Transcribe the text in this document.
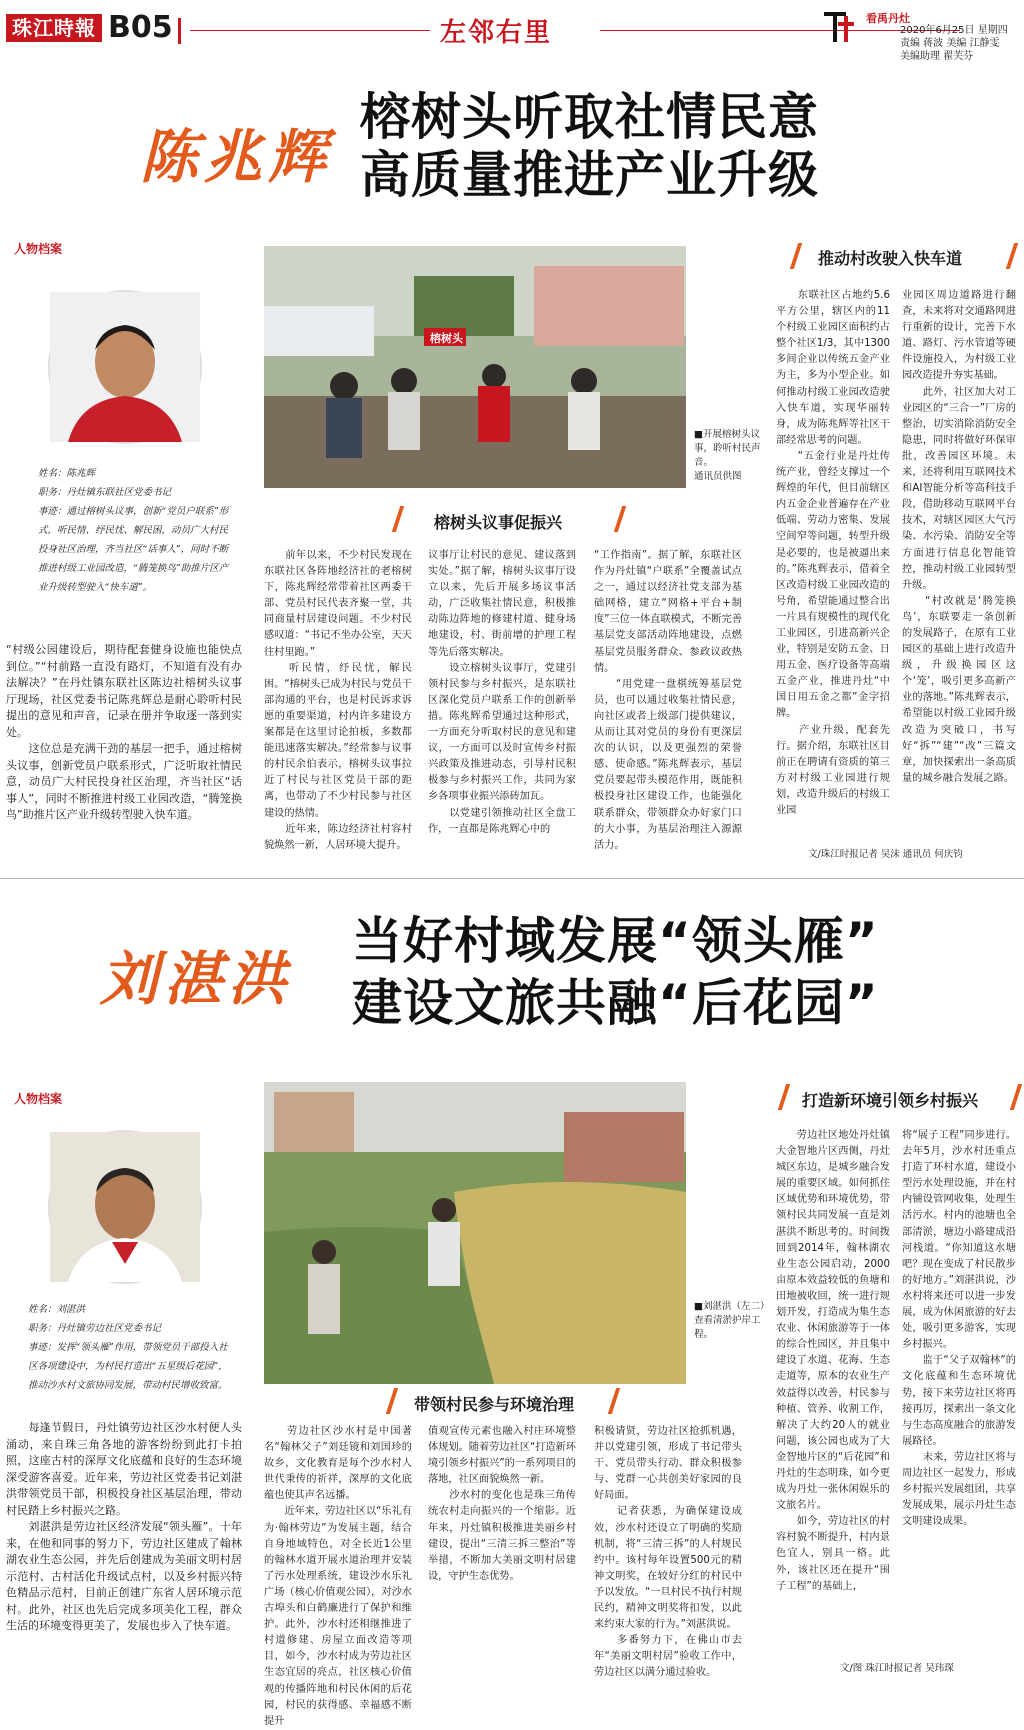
珠江時報 B05	左邻右里	看禹丹灶
2020年6月25日 星期四
责编 蒋波 美编 江静雯
美编助理 翟芙芬
陈兆辉
榕树头听取社情民意
高质量推进产业升级
人物档案
姓名：陈兆辉
职务：丹灶镇东联社区党委书记
事迹：通过榕树头议事，创新“党员户联系”形式，听民情、纾民忧、解民困，动员广大村民投身社区治理，齐当社区“话事人”，同时不断推进村级工业园改造，“腾笼换鸟”助推片区产业升级转型驶入“快车道”。
榕树头
■开展榕树头议事，聆听村民声音。
通讯员供图
推动村改驶入快车道
榕树头议事促振兴
“村级公园建设后，期待配套健身设施也能快点到位。”“村前路一直没有路灯，不知道有没有办法解决？”在丹灶镇东联社区陈边社榕树头议事厅现场，社区党委书记陈兆辉总是耐心聆听村民提出的意见和声音，记录在册并争取逐一落到实处。
　　这位总是充满干劲的基层一把手，通过榕树头议事，创新党员户联系形式，广泛听取社情民意，动员广大村民投身社区治理，齐当社区“话事人”，同时不断推进村级工业园改造，“腾笼换鸟”助推片区产业升级转型驶入快车道。
　　前年以来，不少村民发现在东联社区各阵地经济社的老榕树下，陈兆辉经常带着社区两委干部、党员村民代表齐聚一堂，共同商量村居建设问题。不少村民感叹道：“书记不坐办公室，天天往村里跑。”
　　听民情，纾民忧，解民困。“榕树头已成为村民与党员干部沟通的平台，也是村民诉求诉愿的重要渠道，村内许多建设方案都是在这里讨论拍板，多数都能迅速落实解决。”经常参与议事的村民余伯表示，榕树头议事拉近了村民与社区党员干部的距离，也带动了不少村民参与社区建设的热情。
　　近年来，陈边经济社村容村貌焕然一新，人居环境大提升。
议事厅让村民的意见、建议落到实处。”据了解，榕树头议事厅设立以来，先后开展多场议事活动，广泛收集社情民意，积极推动陈边阵地的修建村道、健身场地建设，村、街前增的护理工程等先后落实解决。
　　设立榕树头议事厅，党建引领村民参与乡村振兴，是东联社区深化党员户联系工作的创新举措。陈兆辉希望通过这种形式，一方面充分听取村民的意见和建议，一方面可以及时宣传乡村振兴政策及推进动态，引导村民积极参与乡村振兴工作，共同为家乡各项事业振兴添砖加瓦。
　　以党建引领推动社区全盘工作，一直都是陈兆辉心中的
“工作指南”。据了解，东联社区作为丹灶镇“户联系”全覆盖试点之一，通过以经济社党支部为基础网格，建立“网格+平台+制度”三位一体直联模式，不断完善基层党支部活动阵地建设，点燃基层党员服务群众、参政议政热情。
　　“用党建一盘棋统筹基层党员，也可以通过收集社情民意，向社区或者上级部门提供建议，从而让其对党员的身份有更深层次的认识，以及更强烈的荣誉感、使命感。”陈兆辉表示，基层党员要起带头模范作用，既能积极投身社区建设工作，也能强化联系群众，带领群众办好家门口的大小事，为基层治理注入源源活力。
　　东联社区占地约5.6平方公里，辖区内的11个村级工业园区面积约占整个社区1/3，其中1300多间企业以传统五金产业为主，多为小型企业。如何推动村级工业园改造驶入快车道，实现华丽转身，成为陈兆辉等社区干部经常思考的问题。
　　“五金行业是丹灶传统产业，曾经支撑过一个辉煌的年代，但目前辖区内五金企业普遍存在产业低端、劳动力密集、发展空间窄等问题，转型升级是必要的，也是被逼出来的。”陈兆辉表示，借着全区改造村级工业园改造的号角，希望能通过整合出一片具有规模性的现代化工业园区，引进高新兴企业，特别是安防五金、日用五金、医疗设备等高端五金产业，推进丹灶“中国日用五金之都”金字招牌。
　　产业升级，配套先行。据介绍，东联社区目前正在聘请有资质的第三方对村级工业园进行规划，改造升级后的村级工业园
业园区周边道路进行翻查，未来将对交通路网进行重新的设计，完善下水道、路灯、污水管道等硬件设施投入，为村级工业园改造提升夯实基础。
　　此外，社区加大对工业园区的“三合一”厂房的整治，切实消除消防安全隐患，同时将做好环保审批，改善园区环境。未来，还将利用互联网技术和AI智能分析等高科技手段，借助移动互联网平台技术，对辖区园区大气污染、水污染、消防安全等方面进行信息化智能管控，推动村级工业园转型升级。
　　“村改就是‘腾笼换鸟’，东联要走一条创新的发展路子，在原有工业园区的基础上进行改造升级，升级换园区这个‘笼’，吸引更多高新产业的落地。”陈兆辉表示，希望能以村级工业园升级改造为突破口，书写好“拆”“建”“改”三篇文章，加快探索出一条高质量的城乡融合发展之路。
文/珠江时报记者 吴沫 通讯员 何庆钧
刘湛洪
当好村域发展“领头雁”
建设文旅共融“后花园”
人物档案
姓名：刘湛洪
职务：丹灶镇劳边社区党委书记
事迹：发挥“领头雁”作用，带领党员干部投入社区各项建设中，为村民打造出“五星级后花园”，推动沙水村文旅协同发展，带动村民增收致富。
■刘湛洪（左二）查看清淤护岸工程。
打造新环境引领乡村振兴
带领村民参与环境治理
　　每逢节假日，丹灶镇劳边社区沙水村便人头涌动，来自珠三角各地的游客纷纷到此打卡拍照，这座古村的深厚文化底蕴和良好的生态环境深受游客喜爱。近年来，劳边社区党委书记刘湛洪带领党员干部，积极投身社区基层治理，带动村民踏上乡村振兴之路。
　　刘湛洪是劳边社区经济发展“领头雁”。十年来，在他和同事的努力下，劳边社区建成了翰林湖农业生态公园，并先后创建成为美丽文明村居示范村、古村活化升级试点村，以及乡村振兴特色精品示范村，目前正创建广东省人居环境示范村。此外，社区也先后完成多项美化工程，群众生活的环境变得更美了，发展也步入了快车道。
　　劳边社区沙水村是中国著名“翰林父子”刘廷镜和刘国珍的故乡，文化教育是每个沙水村人世代秉传的祈祥，深厚的文化底蕴也使其声名远播。
　　近年来，劳边社区以“乐礼有为·翰林劳边”为发展主题，结合自身地域特色，对全长近1公里的翰林水道开展水道治理并安装了污水处理系统，建设沙水乐礼广场（核心价值观公园），对沙水古埠头和白鹤廉进行了保护和维护。此外，沙水村还相继推进了村道修建、房屋立面改造等项目，如今，沙水村成为劳边社区生态宜居的亮点，社区核心价值观的传播阵地和村民休闲的后花园，村民的获得感、幸福感不断提升
值观宣传元素也融入村庄环境整体规划。随着劳边社区“打造新环境引领乡村振兴”的一系列项目的落地，社区面貌焕然一新。
　　沙水村的变化也是珠三角传统农村走向振兴的一个缩影。近年来，丹灶镇积极推进美丽乡村建设，提出“三清三拆三整治”等举措，不断加大美丽文明村居建设，守护生态优势。
积极请贤，劳边社区抢抓机遇，并以党建引领，形成了书记带头干、党员带头行动、群众积极参与、党群一心共创美好家园的良好局面。
　　记者获悉，为确保建设成效，沙水村还设立了明确的奖励机制，将“三清三拆”的人村规民约中。该村每年设置500元的精神文明奖，在较好分红的村民中予以发放。“一旦村民不执行村规民约，精神文明奖将扣发，以此来约束大家的行为。”刘湛洪说。
　　多番努力下，在佛山市去年“美丽文明村居”验收工作中，劳边社区以满分通过验收。
　　劳边社区地处丹灶镇大金智地片区西侧，丹灶城区东边，是城乡融合发展的重要区域。如何抓住区域优势和环境优势，带领村民共同发展一直是刘湛洪不断思考的。时间拨回到2014年，翰林湖农业生态公园启动，2000亩原本效益较低的鱼塘和田地被收回，统一进行规划开发，打造成为集生态农业、休闲旅游等于一体的综合性园区，并且集中建设了水道、花海、生态走道等，原本的农业生产效益得以改善，村民参与种植、管养、收割工作，解决了大约20人的就业问题，该公园也成为了大金智地片区的“后花园”和丹灶的生态明珠，如今更成为丹灶一张休闲娱乐的文旅名片。
　　如今，劳边社区的村容村貌不断提升，村内景色宜人，别具一格。此外，该社区还在提升“围子工程”的基础上，
将“展子工程”同步进行。去年5月，沙水村还重点打造了环村水道，建设小型污水处理设施，并在村内铺设管网收集，处理生活污水。村内的池塘也全部清淤，塘边小路建成沿河栈道。“你知道这水塘吧？现在变成了村民散步的好地方。”刘湛洪说，沙水村将来还可以进一步发展，成为休闲旅游的好去处，吸引更多游客，实现乡村振兴。
　　监于“父子双翰林”的文化底蕴和生态环境优势，接下来劳边社区将再接再厉，探索出一条文化与生态高度融合的旅游发展路径。
　　未来，劳边社区将与周边社区一起发力，形成乡村振兴发展组团，共享发展成果，展示丹灶生态文明建设成果。
文/图 珠江时报记者 吴玮琛
